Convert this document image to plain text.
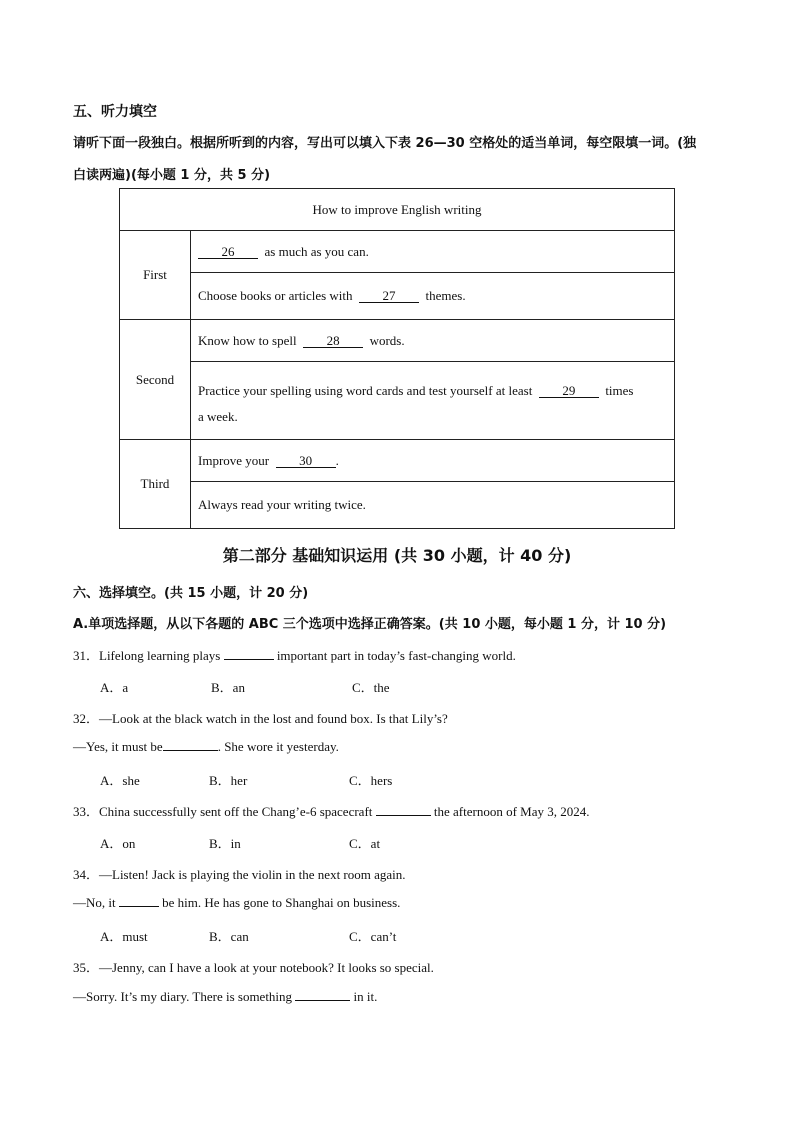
五、听力填空
请听下面一段独白。根据所听到的内容，写出可以填入下表 26—30 空格处的适当单词，每空限填一词。(独
白读两遍)(每小题 1 分，共 5 分)
How to improve English writing	
First	26 as much as you can.
	Choose books or articles with 27 themes.
Second	Know how to spell 28 words.

	Practice your spelling using word cards and test yourself at least 29 times
a week.

Third	Improve your 30 .
	Always read your writing twice.
第二部分 基础知识运用 (共 30 小题，计 40 分)
六、选择填空。(共 15 小题，计 20 分)
A.单项选择题，从以下各题的 ABC 三个选项中选择正确答案。(共 10 小题，每小题 1 分，计 10 分)
31．Lifelong learning plays	important part in today’s fast-changing world.
A．a	B．an	C．the
32．—Look at the black watch in the lost and found box. Is that Lily’s?
—Yes, it must be	. She wore it yesterday.
A．she	B．her	C．hers
33．China successfully sent off the Chang’e-6 spacecraft	the afternoon of May 3, 2024.
A．on	B．in	C．at
34．—Listen! Jack is playing the violin in the next room again.
—No, it	be him. He has gone to Shanghai on business.
A．must	B．can	C．can’t
35．—Jenny, can I have a look at your notebook? It looks so special.
—Sorry. It’s my diary. There is something	in it.
